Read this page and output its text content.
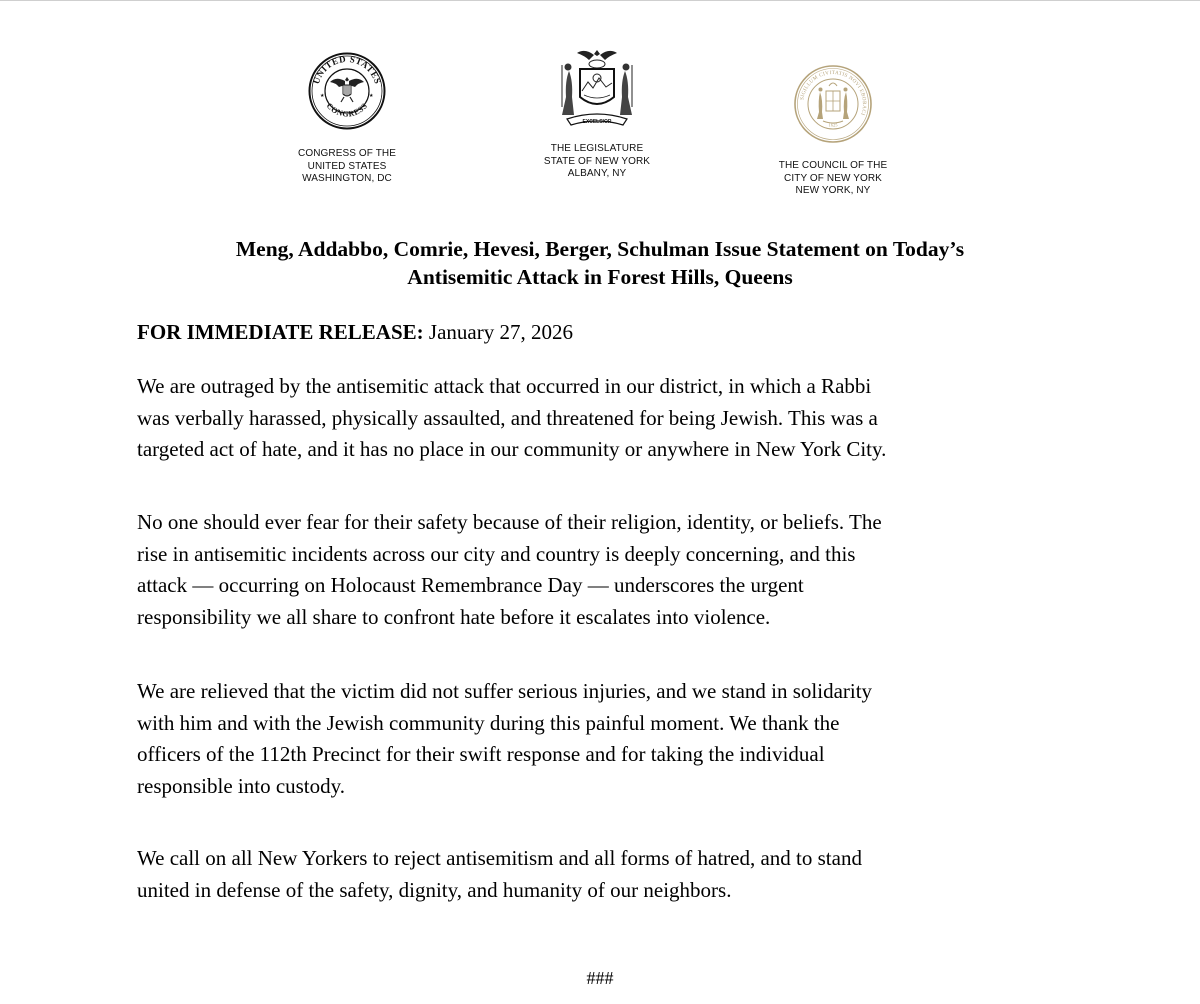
UNITED STATES
CONGRESS
★	★
CONGRESS OF THE
UNITED STATES
WASHINGTON, DC
EXCELSIOR
THE LEGISLATURE
STATE OF NEW YORK
ALBANY, NY
SIGILLUM CIVITATIS NOVI EBORACI
1625
THE COUNCIL OF THE
CITY OF NEW YORK
NEW YORK, NY
Meng, Addabbo, Comrie, Hevesi, Berger, Schulman Issue Statement on Today’s
Antisemitic Attack in Forest Hills, Queens
FOR IMMEDIATE RELEASE: January 27, 2026
We are outraged by the antisemitic attack that occurred in our district, in which a Rabbi
was verbally harassed, physically assaulted, and threatened for being Jewish. This was a
targeted act of hate, and it has no place in our community or anywhere in New York City.
No one should ever fear for their safety because of their religion, identity, or beliefs. The
rise in antisemitic incidents across our city and country is deeply concerning, and this
attack — occurring on Holocaust Remembrance Day — underscores the urgent
responsibility we all share to confront hate before it escalates into violence.
We are relieved that the victim did not suffer serious injuries, and we stand in solidarity
with him and with the Jewish community during this painful moment. We thank the
officers of the 112th Precinct for their swift response and for taking the individual
responsible into custody.
We call on all New Yorkers to reject antisemitism and all forms of hatred, and to stand
united in defense of the safety, dignity, and humanity of our neighbors.
###
